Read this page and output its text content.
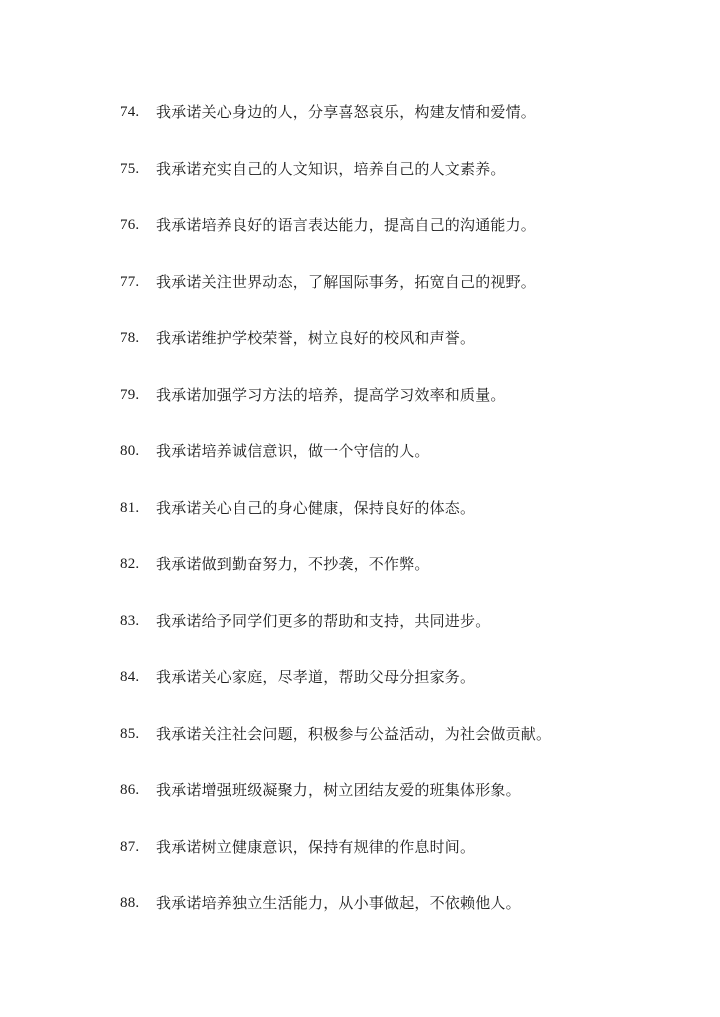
74.	我承诺关心身边的人，分享喜怒哀乐，构建友情和爱情。
75.	我承诺充实自己的人文知识，培养自己的人文素养。
76.	我承诺培养良好的语言表达能力，提高自己的沟通能力。
77.	我承诺关注世界动态，了解国际事务，拓宽自己的视野。
78.	我承诺维护学校荣誉，树立良好的校风和声誉。
79.	我承诺加强学习方法的培养，提高学习效率和质量。
80.	我承诺培养诚信意识，做一个守信的人。
81.	我承诺关心自己的身心健康，保持良好的体态。
82.	我承诺做到勤奋努力，不抄袭，不作弊。
83.	我承诺给予同学们更多的帮助和支持，共同进步。
84.	我承诺关心家庭，尽孝道，帮助父母分担家务。
85.	我承诺关注社会问题，积极参与公益活动，为社会做贡献。
86.	我承诺增强班级凝聚力，树立团结友爱的班集体形象。
87.	我承诺树立健康意识，保持有规律的作息时间。
88.	我承诺培养独立生活能力，从小事做起，不依赖他人。
